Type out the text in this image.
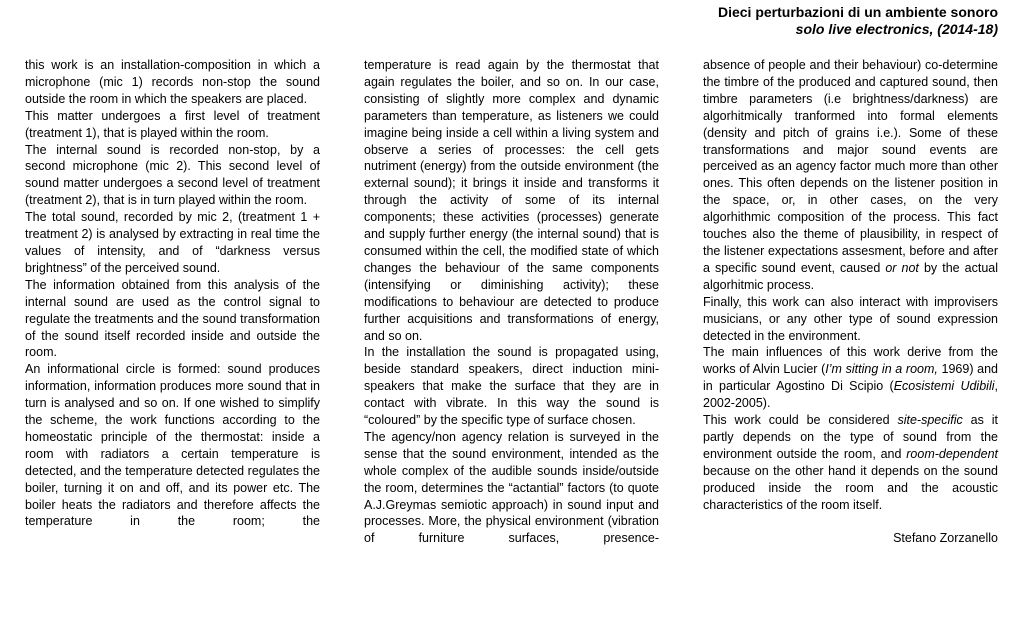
Dieci perturbazioni di un ambiente sonoro
solo live electronics, (2014-18)

this work is an installation-composition in which a microphone (mic 1) records non-stop the sound outside the room in which the speakers are placed.

This matter undergoes a first level of treatment (treatment 1), that is played within the room.

The internal sound is recorded non-stop, by a second microphone (mic 2). This second level of sound matter undergoes a second level of treatment (treatment 2), that is in turn played within the room.

The total sound, recorded by mic 2, (treatment 1 + treatment 2) is analysed by extracting in real time the values of intensity, and of “darkness versus brightness” of the perceived sound.

The information obtained from this analysis of the internal sound are used as the control signal to regulate the treatments and the sound transformation of the sound itself recorded inside and outside the room.

An informational circle is formed: sound produces information, information produces more sound that in turn is analysed and so on. If one wished to simplify the scheme, the work functions according to the homeostatic principle of the thermostat: inside a room with radiators a certain temperature is detected, and the temperature detected regulates the boiler, turning it on and off, and its power etc. The boiler heats the radiators and therefore affects the temperature in the room; the

temperature is read again by the thermostat that again regulates the boiler, and so on. In our case, consisting of slightly more complex and dynamic parameters than temperature, as listeners we could imagine being inside a cell within a living system and observe a series of processes: the cell gets nutriment (energy) from the outside environment (the external sound); it brings it inside and transforms it through the activity of some of its internal components; these activities (processes) generate and supply further energy (the internal sound) that is consumed within the cell, the modified state of which changes the behaviour of the same components (intensifying or diminishing activity); these modifications to behaviour are detected to produce further acquisitions and transformations of energy, and so on.

In the installation the sound is propagated using, beside standard speakers, direct induction mini-speakers that make the surface that they are in contact with vibrate. In this way the sound is “coloured” by the specific type of surface chosen.

The agency/non agency relation is surveyed in the sense that the sound environment, intended as the whole complex of the audible sounds inside/outside the room, determines the “actantial” factors (to quote A.J.Greymas semiotic approach) in sound input and processes. More, the physical environment (vibration of furniture surfaces, presence-

absence of people and their behaviour) co-determine the timbre of the produced and captured sound, then timbre parameters (i.e brightness/darkness) are algorhitmically tranformed into formal elements (density and pitch of grains i.e.). Some of these transformations and major sound events are perceived as an agency factor much more than other ones. This often depends on the listener position in the space, or, in other cases, on the very algorhithmic composition of the process. This fact touches also the theme of plausibility, in respect of the listener expectations assesment, before and after a specific sound event, caused or not by the actual algorhitmic process.

Finally, this work can also interact with improvisers musicians, or any other type of sound expression detected in the environment.

The main influences of this work derive from the works of Alvin Lucier (I’m sitting in a room, 1969) and in particular Agostino Di Scipio (Ecosistemi Udibili, 2002-2005).

This work could be considered site-specific as it partly depends on the type of sound from the environment outside the room, and room-dependent because on the other hand it depends on the sound produced inside the room and the acoustic characteristics of the room itself.

Stefano Zorzanello
